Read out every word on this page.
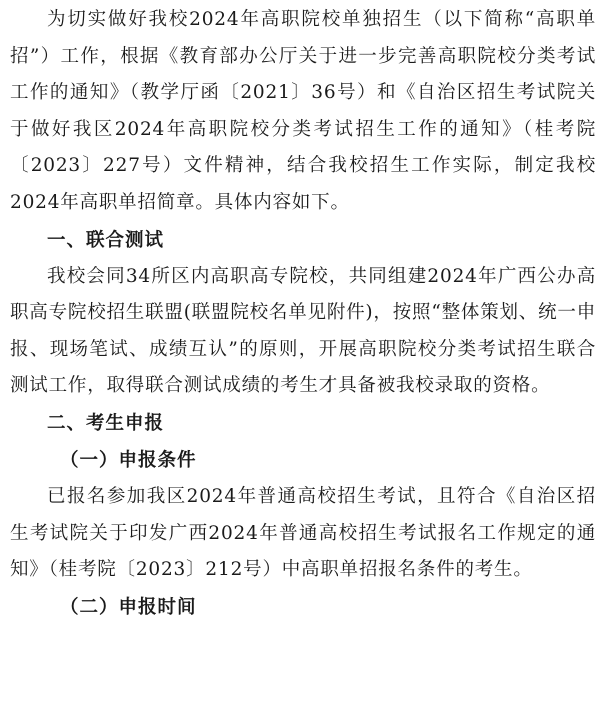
为切实做好我校2024年高职院校单独招生（以下简称“高职单招”）工作，根据《教育部办公厅关于进一步完善高职院校分类考试工作的通知》（教学厅函〔2021〕36号）和《自治区招生考试院关于做好我区2024年高职院校分类考试招生工作的通知》（桂考院〔2023〕227号）文件精神，结合我校招生工作实际，制定我校2024年高职单招简章。具体内容如下。

一、联合测试

我校会同34所区内高职高专院校，共同组建2024年广西公办高职高专院校招生联盟(联盟院校名单见附件)，按照“整体策划、统一申报、现场笔试、成绩互认”的原则，开展高职院校分类考试招生联合测试工作，取得联合测试成绩的考生才具备被我校录取的资格。

二、考生申报

（一）申报条件

已报名参加我区2024年普通高校招生考试，且符合《自治区招生考试院关于印发广西2024年普通高校招生考试报名工作规定的通知》（桂考院〔2023〕212号）中高职单招报名条件的考生。

（二）申报时间
